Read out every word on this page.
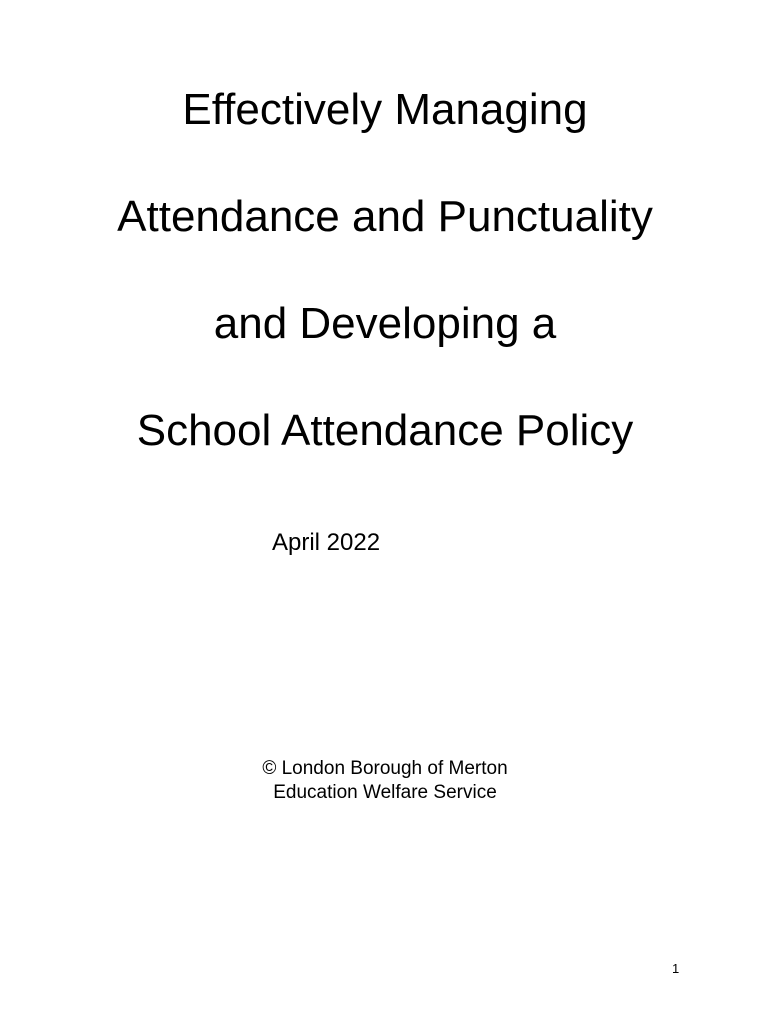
Effectively Managing
Attendance and Punctuality
and Developing a
School Attendance Policy
April 2022
© London Borough of Merton
Education Welfare Service
1
